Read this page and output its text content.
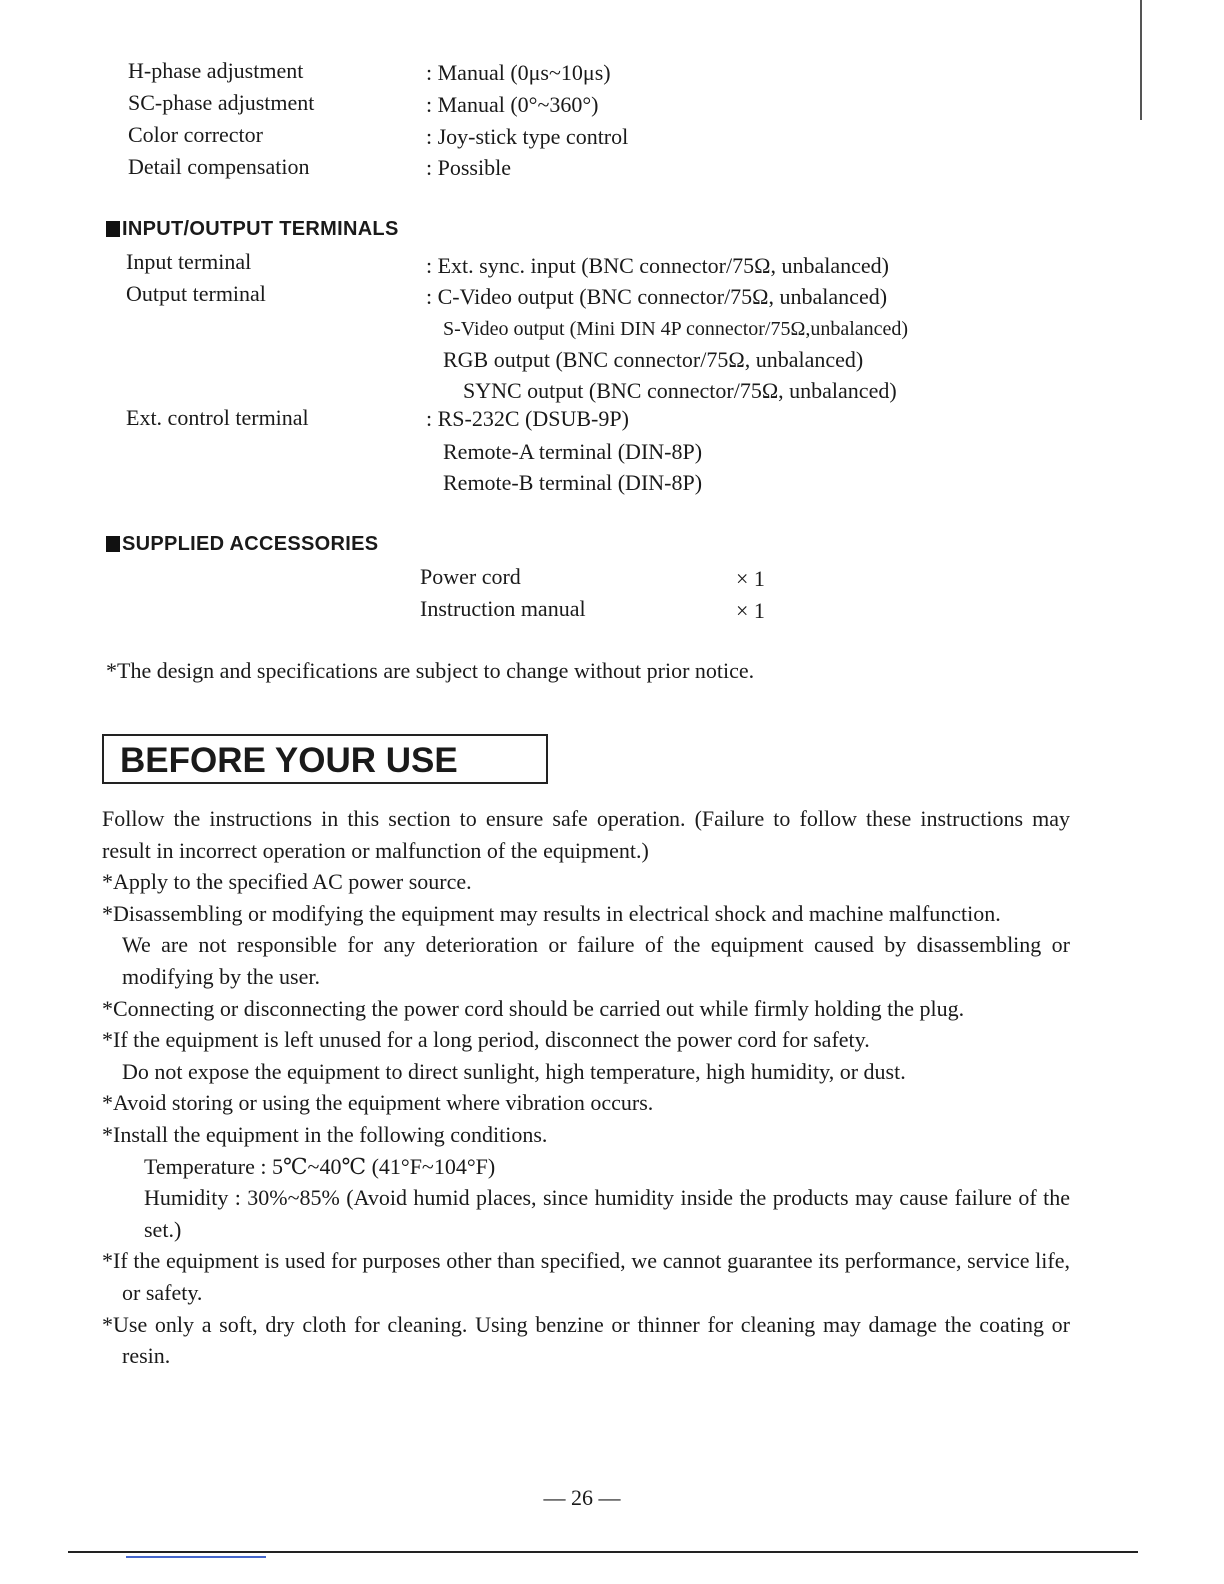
H-phase adjustment	: Manual (0μs~10μs)
SC-phase adjustment	: Manual (0°~360°)
Color corrector	: Joy-stick type control
Detail compensation	: Possible
INPUT/OUTPUT TERMINALS
Input terminal	: Ext. sync. input (BNC connector/75Ω, unbalanced)
Output terminal	: C-Video output (BNC connector/75Ω, unbalanced)
S-Video output (Mini DIN 4P connector/75Ω,unbalanced)
RGB output (BNC connector/75Ω, unbalanced)
SYNC output (BNC connector/75Ω, unbalanced)
Ext. control terminal	: RS-232C (DSUB-9P)
Remote-A terminal (DIN-8P)
Remote-B terminal (DIN-8P)
SUPPLIED ACCESSORIES
Power cord	× 1
Instruction manual	× 1
*The design and specifications are subject to change without prior notice.
BEFORE YOUR USE

Follow the instructions in this section to ensure safe operation. (Failure to follow these instructions may result in incorrect operation or malfunction of the equipment.)

*Apply to the specified AC power source.

*Disassembling or modifying the equipment may results in electrical shock and machine malfunction.

We are not responsible for any deterioration or failure of the equipment caused by disassembling or modifying by the user.

*Connecting or disconnecting the power cord should be carried out while firmly holding the plug.

*If the equipment is left unused for a long period, disconnect the power cord for safety.

Do not expose the equipment to direct sunlight, high temperature, high humidity, or dust.

*Avoid storing or using the equipment where vibration occurs.

*Install the equipment in the following conditions.

Temperature : 5℃~40℃ (41°F~104°F)

Humidity : 30%~85% (Avoid humid places, since humidity inside the products may cause failure of the set.)

*If the equipment is used for purposes other than specified, we cannot guarantee its performance, service life, or safety.

*Use only a soft, dry cloth for cleaning. Using benzine or thinner for cleaning may damage the coating or resin.

— 26 —
